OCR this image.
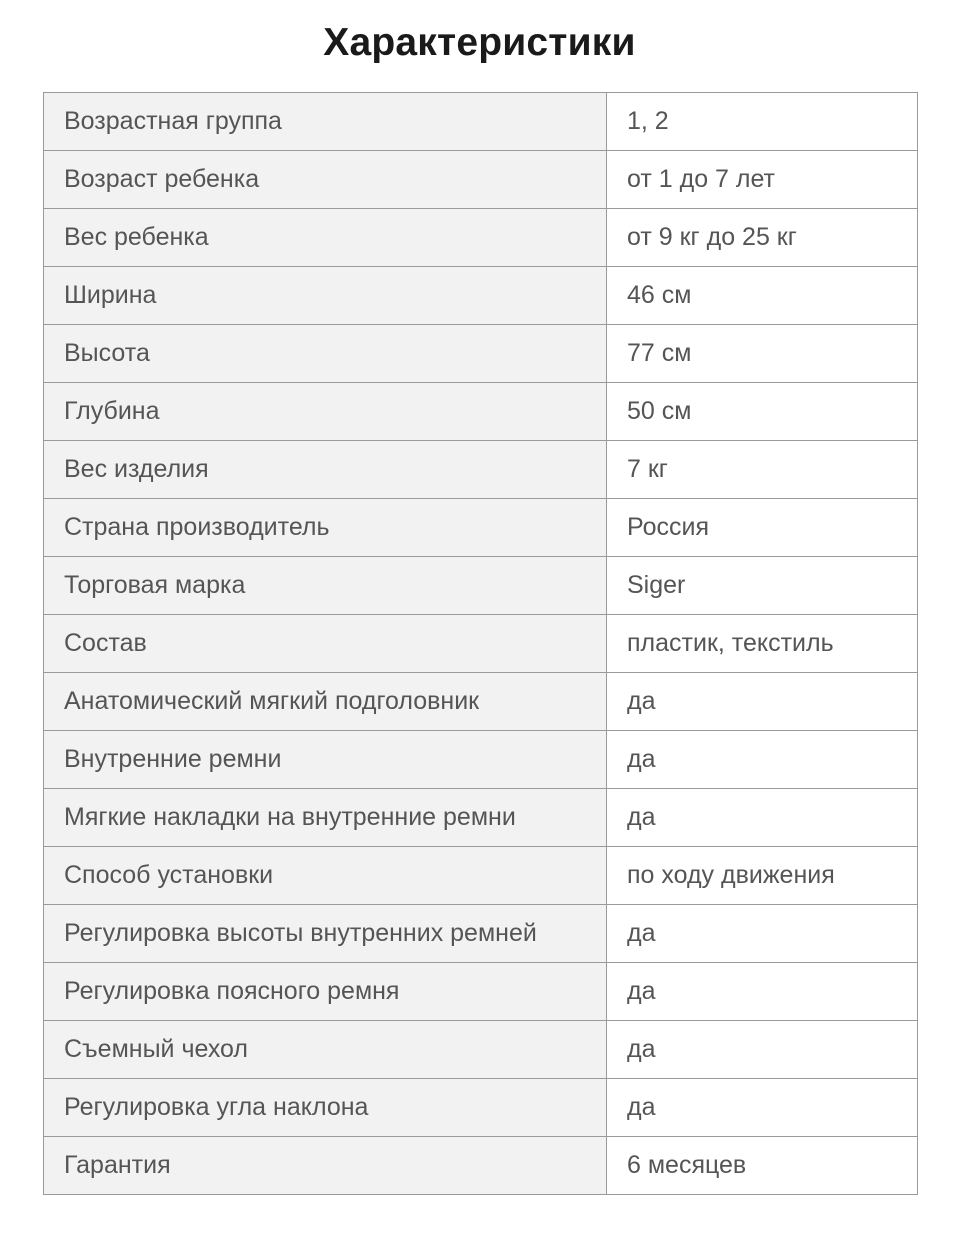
Характеристики
Возрастная группа	1, 2
Возраст ребенка	от 1 до 7 лет
Вес ребенка	от 9 кг до 25 кг
Ширина	46 см
Высота	77 см
Глубина	50 см
Вес изделия	7 кг
Страна производитель	Россия
Торговая марка	Siger
Состав	пластик, текстиль
Анатомический мягкий подголовник	да
Внутренние ремни	да
Мягкие накладки на внутренние ремни	да
Способ установки	по ходу движения
Регулировка высоты внутренних ремней	да
Регулировка поясного ремня	да
Съемный чехол	да
Регулировка угла наклона	да
Гарантия	6 месяцев
